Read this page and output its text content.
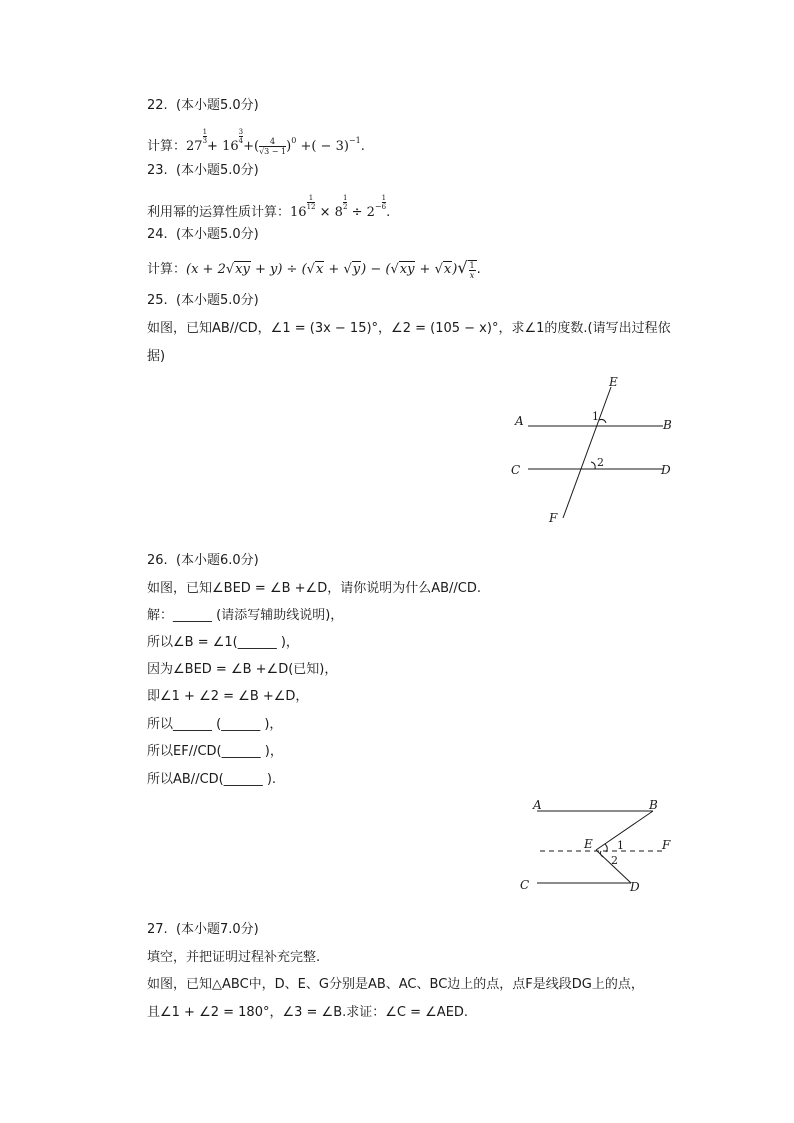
22.  (本小题5.0分)
计算：27
$\frac{1}{3}$
+ 16
$\frac{3}{4}$
+( $\frac{4}{√3 - 1} )^0$ +( − 3)$^{-1}$.
23.  (本小题5.0分)
利用幂的运算性质计算：16
$\frac{1}{12}$
× 8
$\frac{1}{2}$
÷ $2^- \frac{1}{6}$
.
24.  (本小题5.0分)
计算：$(x + 2√xy + y) \div (√x + √y) - (√xy + √x)√ \frac{1}{x}$ .
25.  (本小题5.0分)
如图，已知AB//CD，∠1 = (3x − 15)°，∠2 = (105 − x)°，求∠1的度数.(请写出过程依
据)
E
A	B
C	D
F
1
2
26.  (本小题6.0分)
如图，已知∠BED = ∠B +∠D，请你说明为什么AB//CD.
解：______ (请添写辅助线说明)，
所以∠B = ∠1(______ )，
因为∠BED = ∠B +∠D(已知)，
即∠1 + ∠2 = ∠B +∠D，
所以______ (______ )，
所以EF//CD(______ )，
所以AB//CD(______ ).
A	B
E	F
C	D
1
2
27.  (本小题7.0分)
填空，并把证明过程补充完整.
如图，已知△ABC中，D、E、G分别是AB、AC、BC边上的点，点F是线段DG上的点，
且∠1 + ∠2 = 180°，∠3 = ∠B.求证：∠C = ∠AED.
